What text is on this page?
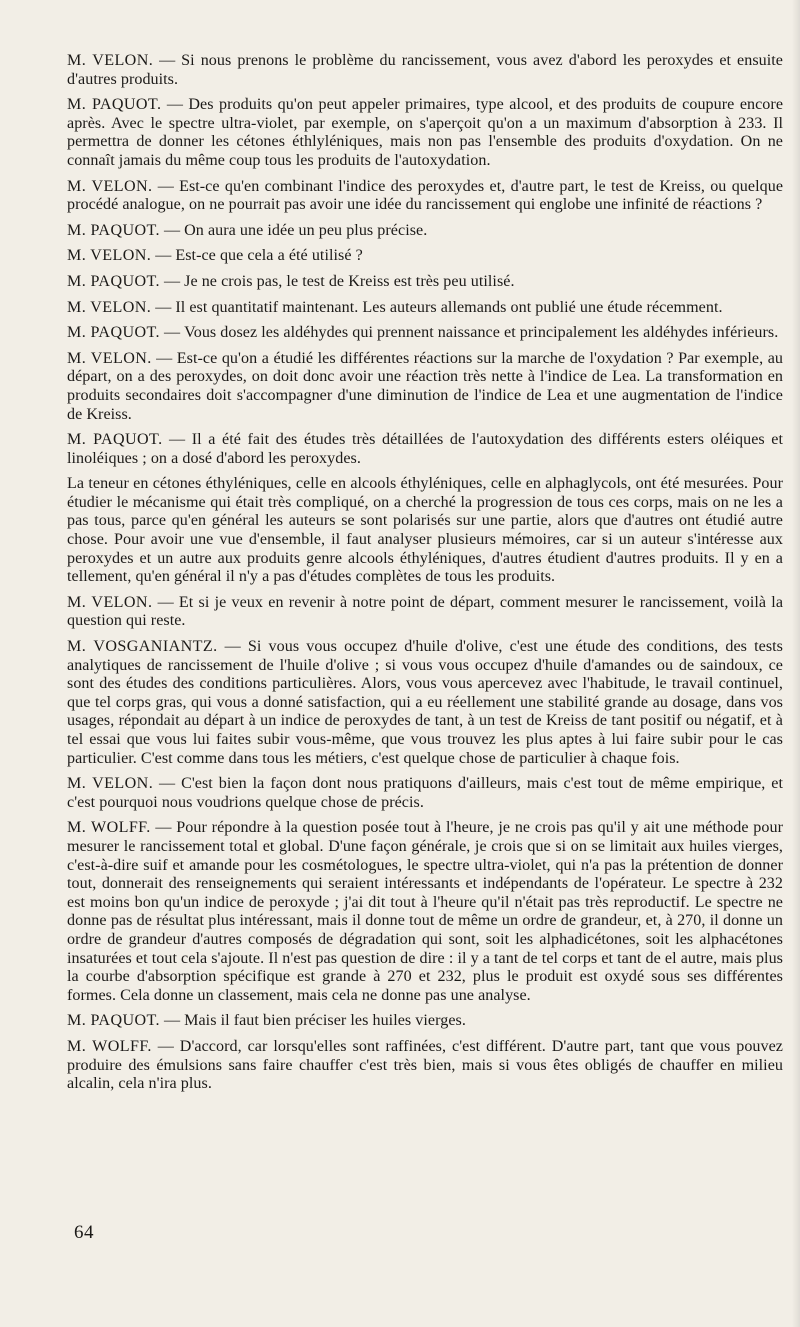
M. VELON. — Si nous prenons le problème du rancissement, vous avez d'abord les peroxydes et ensuite d'autres produits.

M. PAQUOT. — Des produits qu'on peut appeler primaires, type alcool, et des produits de coupure encore après. Avec le spectre ultra-violet, par exemple, on s'aperçoit qu'on a un maximum d'absorption à 233. Il permettra de donner les cétones éthlyléniques, mais non pas l'ensemble des produits d'oxydation. On ne connaît jamais du même coup tous les produits de l'autoxydation.

M. VELON. — Est-ce qu'en combinant l'indice des peroxydes et, d'autre part, le test de Kreiss, ou quelque procédé analogue, on ne pourrait pas avoir une idée du rancissement qui englobe une infinité de réactions ?

M. PAQUOT. — On aura une idée un peu plus précise.

M. VELON. — Est-ce que cela a été utilisé ?

M. PAQUOT. — Je ne crois pas, le test de Kreiss est très peu utilisé.

M. VELON. — Il est quantitatif maintenant. Les auteurs allemands ont publié une étude récemment.

M. PAQUOT. — Vous dosez les aldéhydes qui prennent naissance et principalement les aldéhydes inférieurs.

M. VELON. — Est-ce qu'on a étudié les différentes réactions sur la marche de l'oxydation ? Par exemple, au départ, on a des peroxydes, on doit donc avoir une réaction très nette à l'indice de Lea. La transformation en produits secondaires doit s'accompagner d'une diminution de l'indice de Lea et une augmentation de l'indice de Kreiss.

M. PAQUOT. — Il a été fait des études très détaillées de l'autoxydation des différents esters oléiques et linoléiques ; on a dosé d'abord les peroxydes.

La teneur en cétones éthyléniques, celle en alcools éthyléniques, celle en alphaglycols, ont été mesurées. Pour étudier le mécanisme qui était très compliqué, on a cherché la progression de tous ces corps, mais on ne les a pas tous, parce qu'en général les auteurs se sont polarisés sur une partie, alors que d'autres ont étudié autre chose. Pour avoir une vue d'ensemble, il faut analyser plusieurs mémoires, car si un auteur s'intéresse aux peroxydes et un autre aux produits genre alcools éthyléniques, d'autres étudient d'autres produits. Il y en a tellement, qu'en général il n'y a pas d'études complètes de tous les produits.

M. VELON. — Et si je veux en revenir à notre point de départ, comment mesurer le rancissement, voilà la question qui reste.

M. VOSGANIANTZ. — Si vous vous occupez d'huile d'olive, c'est une étude des conditions, des tests analytiques de rancissement de l'huile d'olive ; si vous vous occupez d'huile d'amandes ou de saindoux, ce sont des études des conditions particulières. Alors, vous vous apercevez avec l'habitude, le travail continuel, que tel corps gras, qui vous a donné satisfaction, qui a eu réellement une stabilité grande au dosage, dans vos usages, répondait au départ à un indice de peroxydes de tant, à un test de Kreiss de tant positif ou négatif, et à tel essai que vous lui faites subir vous-même, que vous trouvez les plus aptes à lui faire subir pour le cas particulier. C'est comme dans tous les métiers, c'est quelque chose de particulier à chaque fois.

M. VELON. — C'est bien la façon dont nous pratiquons d'ailleurs, mais c'est tout de même empirique, et c'est pourquoi nous voudrions quelque chose de précis.

M. WOLFF. — Pour répondre à la question posée tout à l'heure, je ne crois pas qu'il y ait une méthode pour mesurer le rancissement total et global. D'une façon générale, je crois que si on se limitait aux huiles vierges, c'est-à-dire suif et amande pour les cosmétologues, le spectre ultra-violet, qui n'a pas la prétention de donner tout, donnerait des renseignements qui seraient intéressants et indépendants de l'opérateur. Le spectre à 232 est moins bon qu'un indice de peroxyde ; j'ai dit tout à l'heure qu'il n'était pas très reproductif. Le spectre ne donne pas de résultat plus intéressant, mais il donne tout de même un ordre de grandeur, et, à 270, il donne un ordre de grandeur d'autres composés de dégradation qui sont, soit les alphadicétones, soit les alphacétones insaturées et tout cela s'ajoute. Il n'est pas question de dire : il y a tant de tel corps et tant de el autre, mais plus la courbe d'absorption spécifique est grande à 270 et 232, plus le produit est oxydé sous ses différentes formes. Cela donne un classement, mais cela ne donne pas une analyse.

M. PAQUOT. — Mais il faut bien préciser les huiles vierges.

M. WOLFF. — D'accord, car lorsqu'elles sont raffinées, c'est différent. D'autre part, tant que vous pouvez produire des émulsions sans faire chauffer c'est très bien, mais si vous êtes obligés de chauffer en milieu alcalin, cela n'ira plus.

64
